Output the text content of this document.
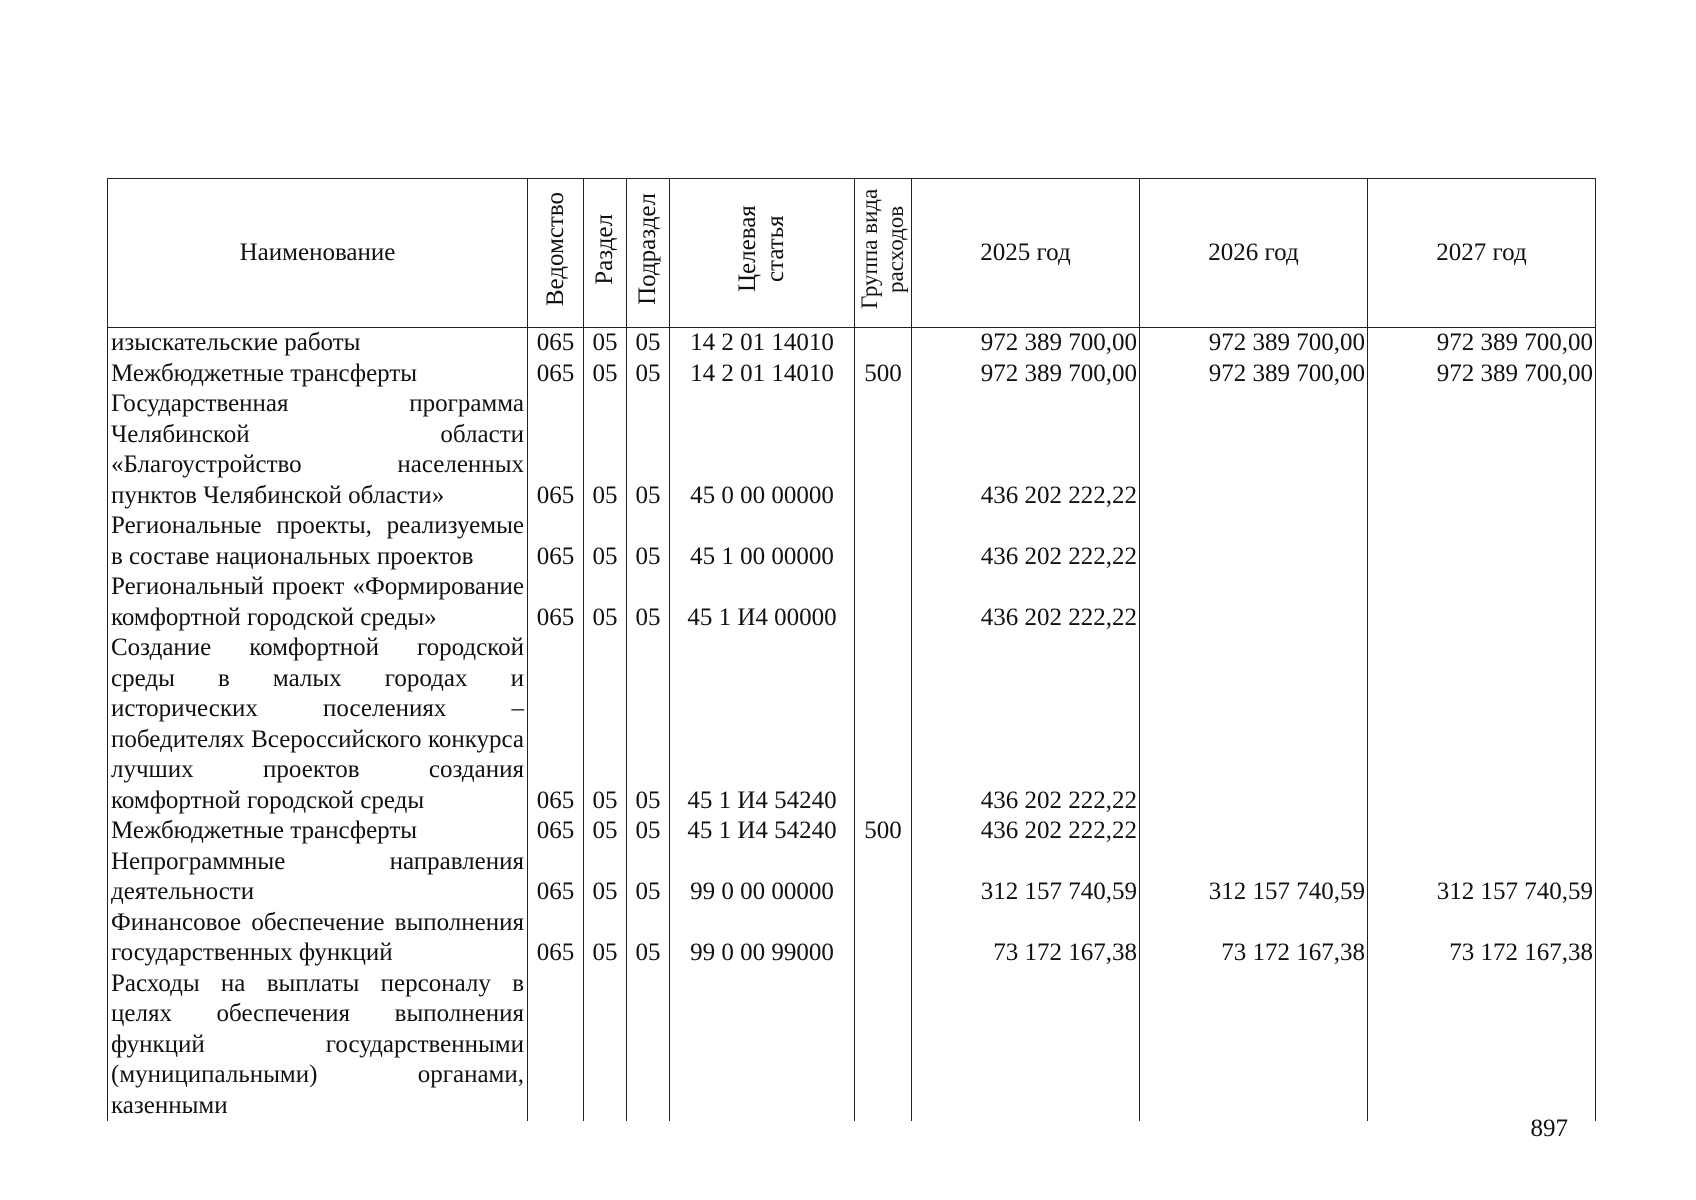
Наименование	Ведомство	Раздел	Подраздел	Целевая статья	Группа вида расходов	2025 год	2026 год	2027 год
изыскательские работы	065	05	05	14 2 01 14010		972 389 700,00	972 389 700,00	972 389 700,00
Межбюджетные трансферты	065	05	05	14 2 01 14010	500	972 389 700,00	972 389 700,00	972 389 700,00
Государственная программа Челябинской области «Благоустройство населенных пунктов Челябинской области»	065	05	05	45 0 00 00000		436 202 222,22		
Региональные проекты, реализуемые в составе национальных проектов	065	05	05	45 1 00 00000		436 202 222,22		
Региональный проект «Формирование комфортной городской среды»	065	05	05	45 1 И4 00000		436 202 222,22		
Создание комфортной городской среды в малых городах и исторических поселениях – победителях Всероссийского конкурса лучших проектов создания комфортной городской среды	065	05	05	45 1 И4 54240		436 202 222,22		
Межбюджетные трансферты	065	05	05	45 1 И4 54240	500	436 202 222,22		
Непрограммные направления деятельности	065	05	05	99 0 00 00000		312 157 740,59	312 157 740,59	312 157 740,59
Финансовое обеспечение выполнения государственных функций	065	05	05	99 0 00 99000		73 172 167,38	73 172 167,38	73 172 167,38
Расходы на выплаты персоналу в целях обеспечения выполнения функций государственными (муниципальными) органами, казенными								
897
